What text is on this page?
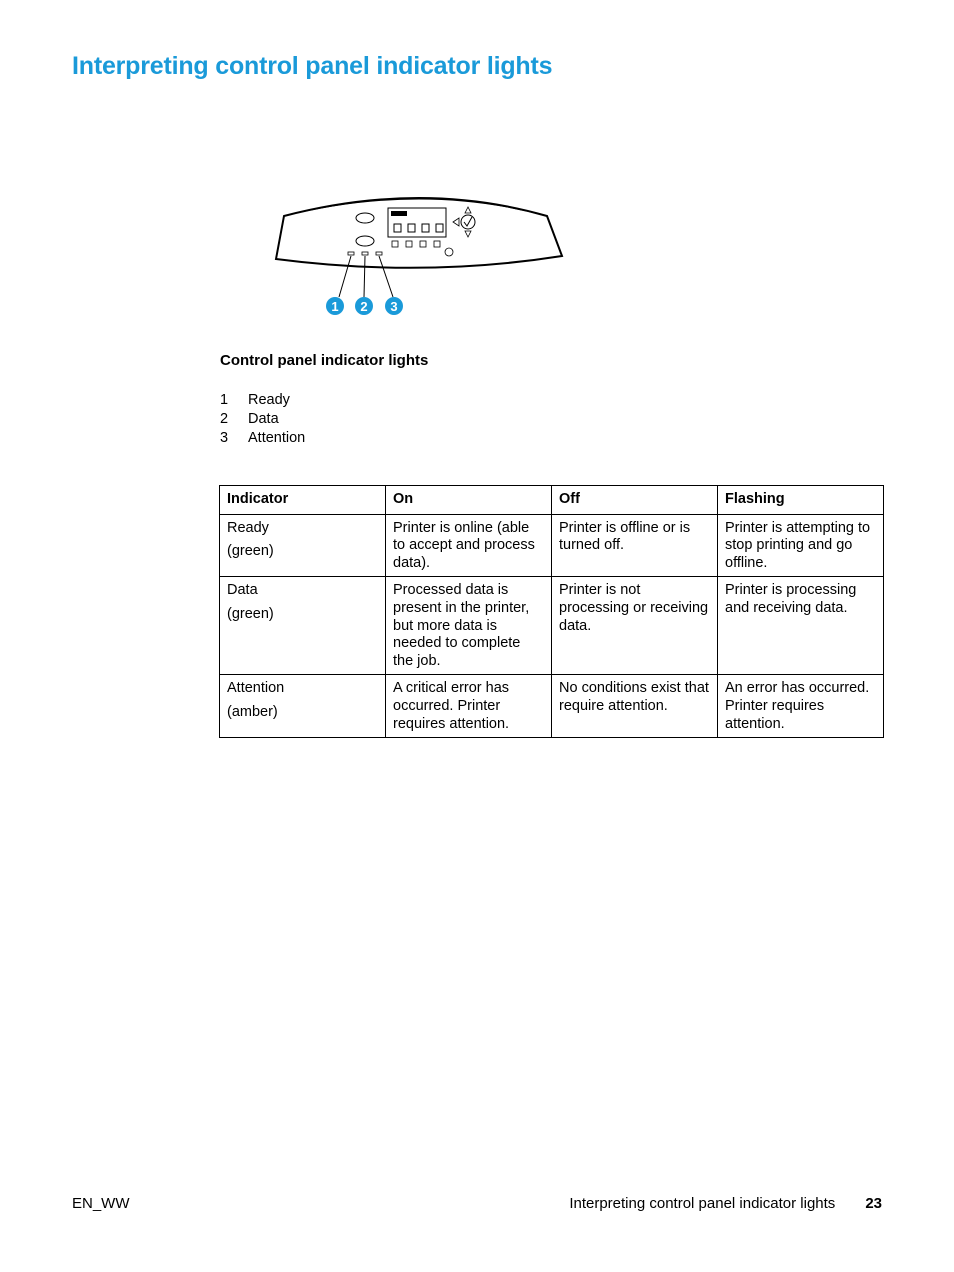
Interpreting control panel indicator lights
1 2 3
Control panel indicator lights
1	Ready
2	Data
3	Attention
Indicator	On	Off	Flashing
Ready
(green)	Printer is online (able to accept and process data).	Printer is offline or is turned off.	Printer is attempting to stop printing and go offline.
Data
(green)	Processed data is present in the printer, but more data is needed to complete the job.	Printer is not processing or receiving data.	Printer is processing and receiving data.
Attention
(amber)	A critical error has occurred. Printer requires attention.	No conditions exist that require attention.	An error has occurred. Printer requires attention.
EN_WW	Interpreting control panel indicator lights 23
